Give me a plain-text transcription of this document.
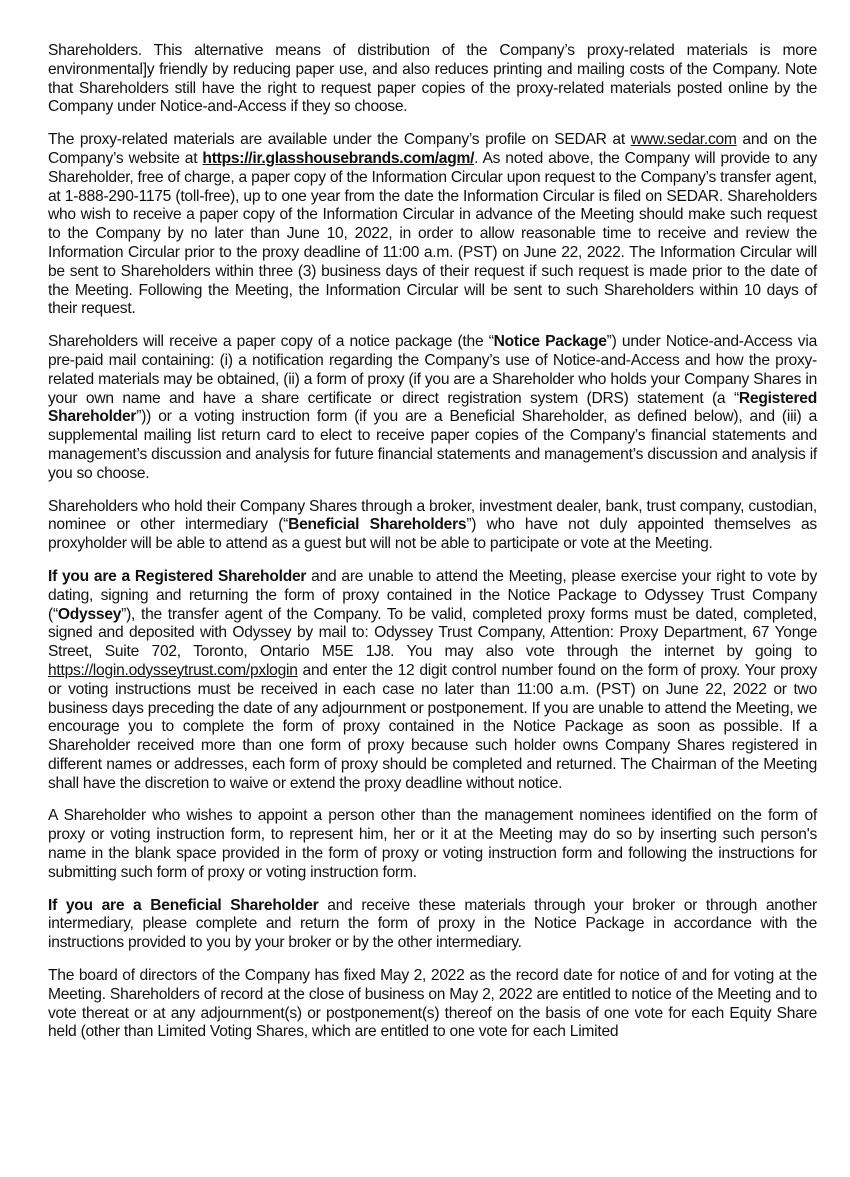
Shareholders. This alternative means of distribution of the Company’s proxy-related materials is more environmental]y friendly by reducing paper use, and also reduces printing and mailing costs of the Company. Note that Shareholders still have the right to request paper copies of the proxy-related materials posted online by the Company under Notice-and-Access if they so choose.

The proxy-related materials are available under the Company’s profile on SEDAR at www.sedar.com and on the Company’s website at https://ir.glasshousebrands.com/agm/. As noted above, the Company will provide to any Shareholder, free of charge, a paper copy of the Information Circular upon request to the Company’s transfer agent, at 1-888-290-1175 (toll-free), up to one year from the date the Information Circular is filed on SEDAR. Shareholders who wish to receive a paper copy of the Information Circular in advance of the Meeting should make such request to the Company by no later than June 10, 2022, in order to allow reasonable time to receive and review the Information Circular prior to the proxy deadline of 11:00 a.m. (PST) on June 22, 2022. The Information Circular will be sent to Shareholders within three (3) business days of their request if such request is made prior to the date of the Meeting. Following the Meeting, the Information Circular will be sent to such Shareholders within 10 days of their request.

Shareholders will receive a paper copy of a notice package (the “Notice Package”) under Notice-and-Access via pre-paid mail containing: (i) a notification regarding the Company’s use of Notice-and-Access and how the proxy-related materials may be obtained, (ii) a form of proxy (if you are a Shareholder who holds your Company Shares in your own name and have a share certificate or direct registration system (DRS) statement (a “Registered Shareholder”)) or a voting instruction form (if you are a Beneficial Shareholder, as defined below), and (iii) a supplemental mailing list return card to elect to receive paper copies of the Company’s financial statements and management’s discussion and analysis for future financial statements and management’s discussion and analysis if you so choose.

Shareholders who hold their Company Shares through a broker, investment dealer, bank, trust company, custodian, nominee or other intermediary (“Beneficial Shareholders”) who have not duly appointed themselves as proxyholder will be able to attend as a guest but will not be able to participate or vote at the Meeting.

If you are a Registered Shareholder and are unable to attend the Meeting, please exercise your right to vote by dating, signing and returning the form of proxy contained in the Notice Package to Odyssey Trust Company (“Odyssey”), the transfer agent of the Company. To be valid, completed proxy forms must be dated, completed, signed and deposited with Odyssey by mail to: Odyssey Trust Company, Attention: Proxy Department, 67 Yonge Street, Suite 702, Toronto, Ontario M5E 1J8. You may also vote through the internet by going to https://login.odysseytrust.com/pxlogin and enter the 12 digit control number found on the form of proxy. Your proxy or voting instructions must be received in each case no later than 11:00 a.m. (PST) on June 22, 2022 or two business days preceding the date of any adjournment or postponement. If you are unable to attend the Meeting, we encourage you to complete the form of proxy contained in the Notice Package as soon as possible. If a Shareholder received more than one form of proxy because such holder owns Company Shares registered in different names or addresses, each form of proxy should be completed and returned. The Chairman of the Meeting shall have the discretion to waive or extend the proxy deadline without notice.

A Shareholder who wishes to appoint a person other than the management nominees identified on the form of proxy or voting instruction form, to represent him, her or it at the Meeting may do so by inserting such person's name in the blank space provided in the form of proxy or voting instruction form and following the instructions for submitting such form of proxy or voting instruction form.

If you are a Beneficial Shareholder and receive these materials through your broker or through another intermediary, please complete and return the form of proxy in the Notice Package in accordance with the instructions provided to you by your broker or by the other intermediary.

The board of directors of the Company has fixed May 2, 2022 as the record date for notice of and for voting at the Meeting. Shareholders of record at the close of business on May 2, 2022 are entitled to notice of the Meeting and to vote thereat or at any adjournment(s) or postponement(s) thereof on the basis of one vote for each Equity Share held (other than Limited Voting Shares, which are entitled to one vote for each Limited
